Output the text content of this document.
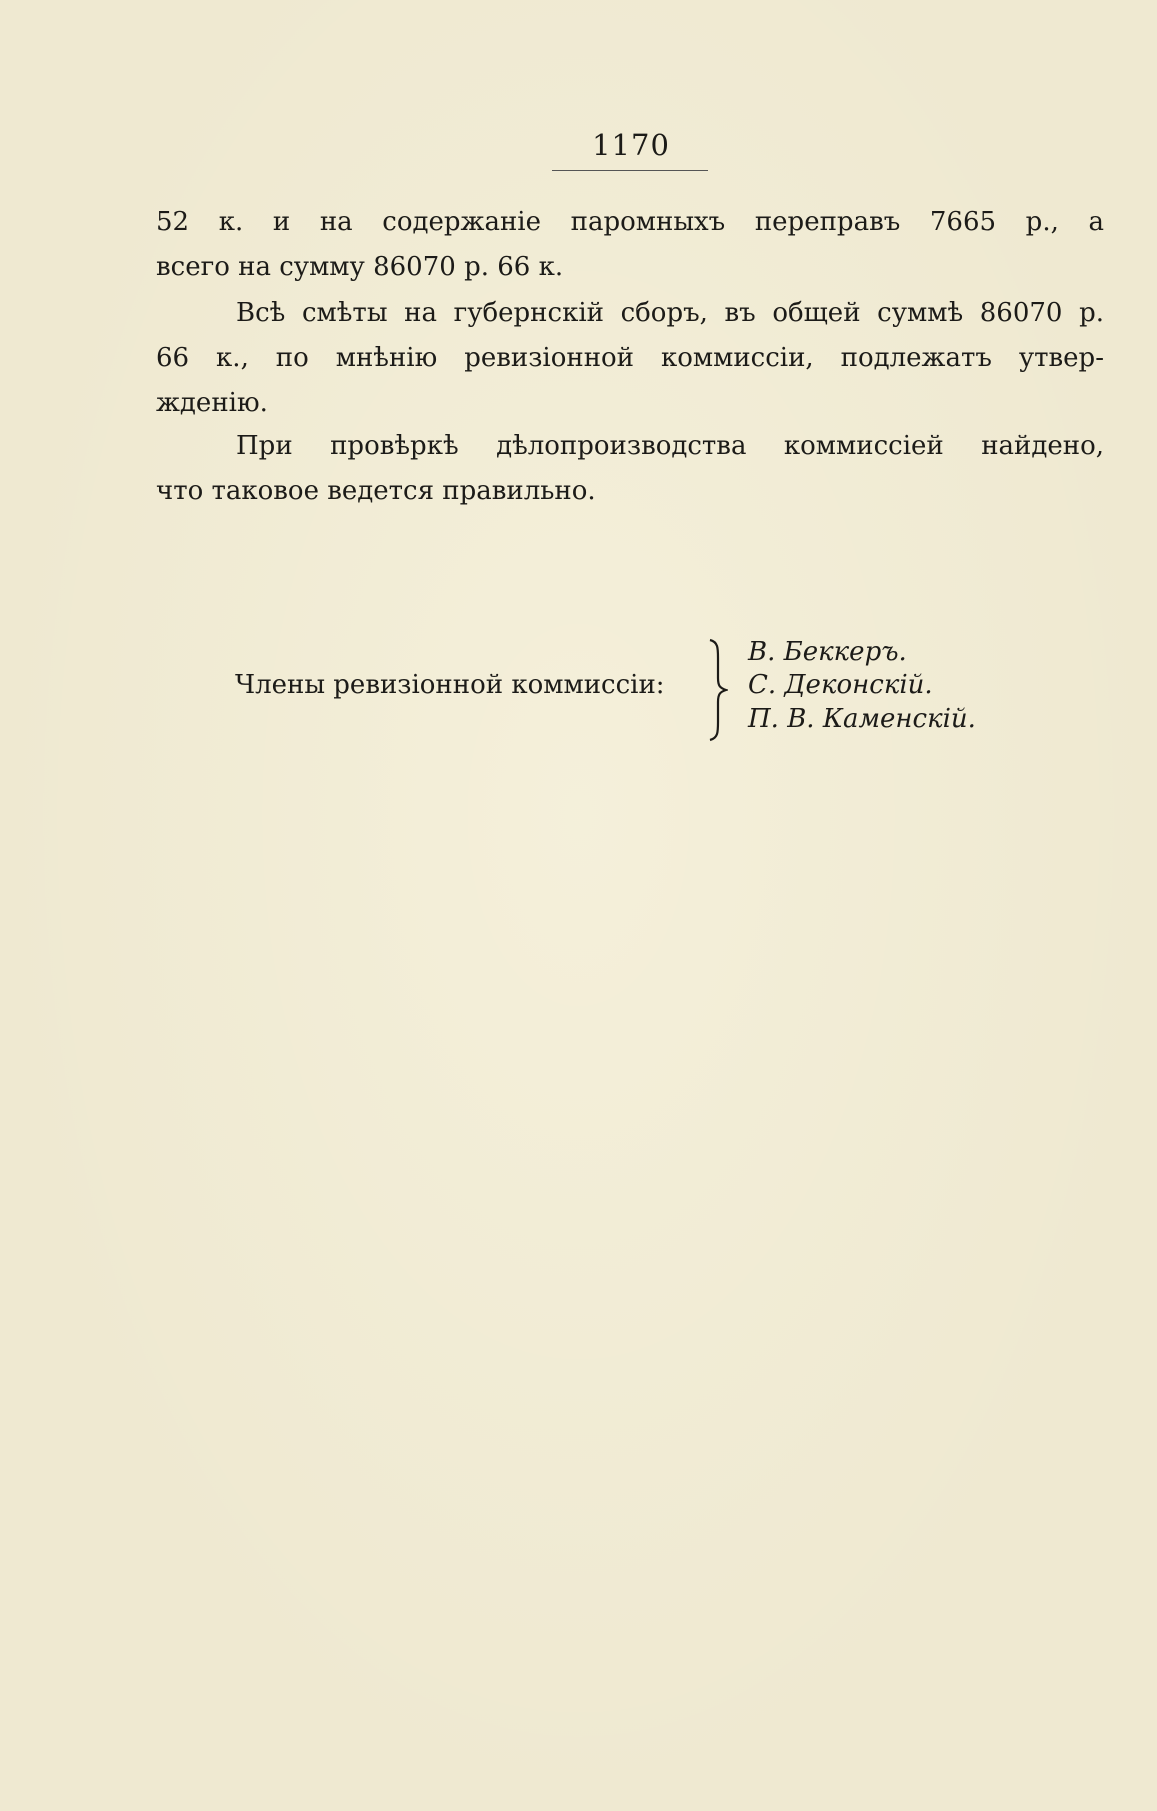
1170
52 к. и на содержаніе паромныхъ переправъ 7665 р., а
всего на сумму 86070 р. 66 к.
Всѣ смѣты на губернскій сборъ, въ общей суммѣ 86070 р.
66 к., по мнѣнію ревизіонной коммиссіи, подлежатъ утвер-
жденію.
При провѣркѣ дѣлопроизводства коммиссіей найдено,
что таковое ведется правильно.
Члены ревизіонной коммиссіи:
В. Беккеръ.
С. Деконскій.
П. В. Каменскій.
